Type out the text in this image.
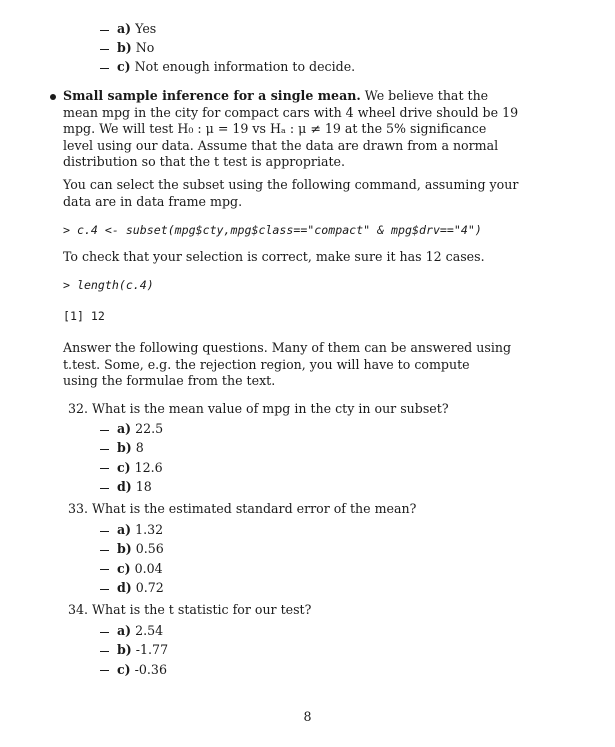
a) Yes
b) No
c) Not enough information to decide.
Small sample inference for a single mean. We believe that the
mean mpg in the city for compact cars with 4 wheel drive should be 19
mpg. We will test H₀ : μ = 19 vs Hₐ : μ ≠ 19 at the 5% significance
level using our data. Assume that the data are drawn from a normal
distribution so that the t test is appropriate.
You can select the subset using the following command, assuming your
data are in data frame mpg.
> c.4 <- subset(mpg$cty,mpg$class=="compact" & mpg$drv=="4")
To check that your selection is correct, make sure it has 12 cases.
> length(c.4)
[1] 12
Answer the following questions. Many of them can be answered using
t.test. Some, e.g. the rejection region, you will have to compute
using the formulae from the text.
32. What is the mean value of mpg in the cty in our subset?
a) 22.5
b) 8
c) 12.6
d) 18
33. What is the estimated standard error of the mean?
a) 1.32
b) 0.56
c) 0.04
d) 0.72
34. What is the t statistic for our test?
a) 2.54
b) -1.77
c) -0.36
8
